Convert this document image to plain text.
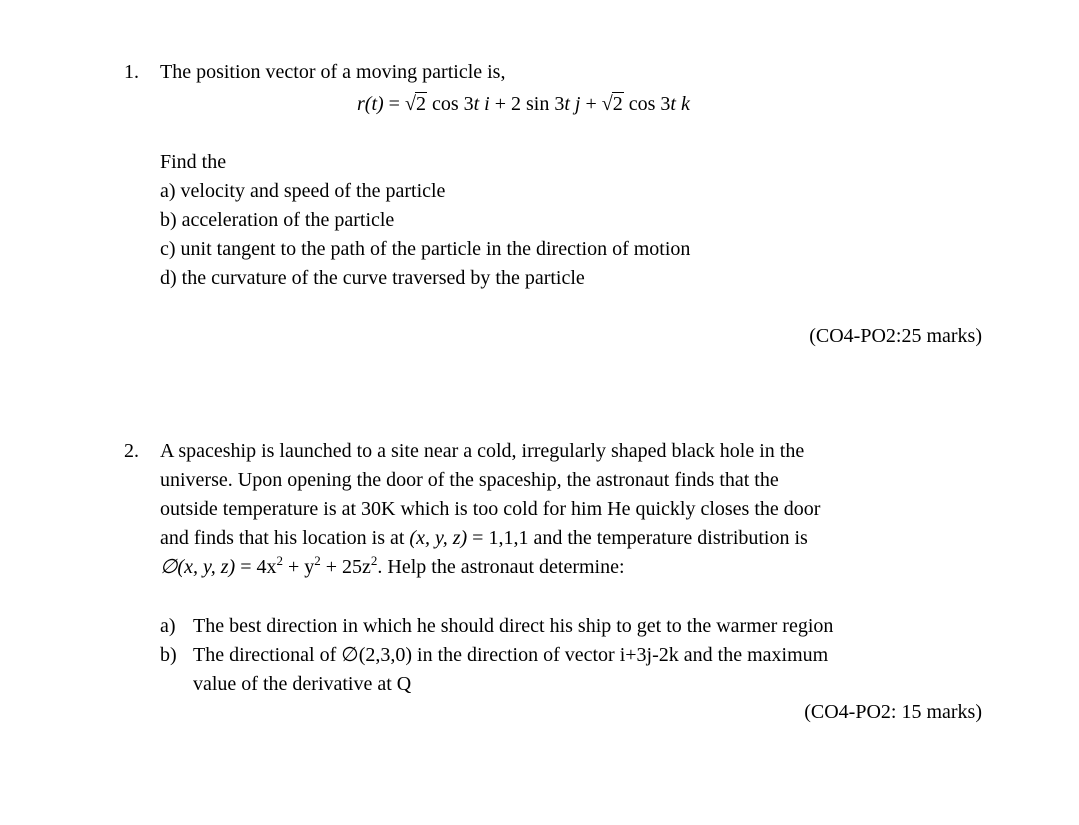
1. The position vector of a moving particle is,
r(t) = √2 cos 3t i + 2 sin 3t j + √2 cos 3t k
Find the
a) velocity and speed of the particle
b) acceleration of the particle
c) unit tangent to the path of the particle in the direction of motion
d) the curvature of the curve traversed by the particle
(CO4-PO2:25 marks)
2. A spaceship is launched to a site near a cold, irregularly shaped black hole in the
universe. Upon opening the door of the spaceship, the astronaut finds that the
outside temperature is at 30K which is too cold for him He quickly closes the door
and finds that his location is at (x, y, z) = 1,1,1 and the temperature distribution is
∅(x, y, $z) = 4x^2 + y^2 + 25z^2$. Help the astronaut determine:
a) The best direction in which he should direct his ship to get to the warmer region
b) The directional of ∅(2,3,0) in the direction of vector i+3j-2k and the maximum
value of the derivative at Q
(CO4-PO2: 15 marks)
